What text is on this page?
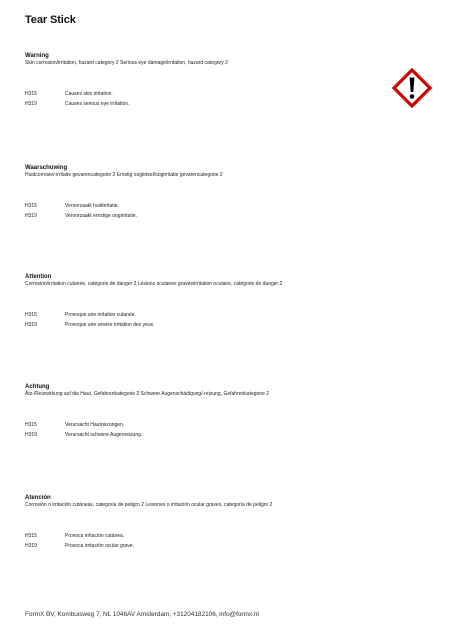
Tear Stick
Warning
Skin corrosion/irritation, hazard category 2 Serious eye damage/irritation, hazard category 2
H315	Causes skin irritation.
H319	Causes serious eye irritation.
Waarschuwing
Huidcorrosie/-irritatie gevarencategorie 2 Ernstig oogletsel/oogirritatie gevarencategorie 2
H315	Veroorzaakt huidirritatie.
H319	Veroorzaakt ernstige oogirritatie.
Attention
Corrosion/irritation cutanée, catégorie de danger 2 Lésions oculaires graves/irritation oculaire, catégorie de danger 2
H315	Provoque une irritation cutanée.
H319	Provoque une sévère irritation des yeux.
Achtung
Ätz-/Reizwirkung auf die Haut, Gefahrenkategorie 2 Schwere Augenschädigung/-reizung, Gefahrenkategorie 2
H315	Verursacht Hautreizungen.
H319	Verursacht schwere Augenreizung.
Atención
Corrosión o irritación cutáneas, categoría de peligro 2 Lesiones o irritación ocular graves, categoría de peligro 2
H315	Provoca irritación cutánea.
H319	Provoca irritación ocular grave.
FormX BV, Kombuisweg 7, NL 1046AV Amsterdam, +31204182106, info@formx.nl
